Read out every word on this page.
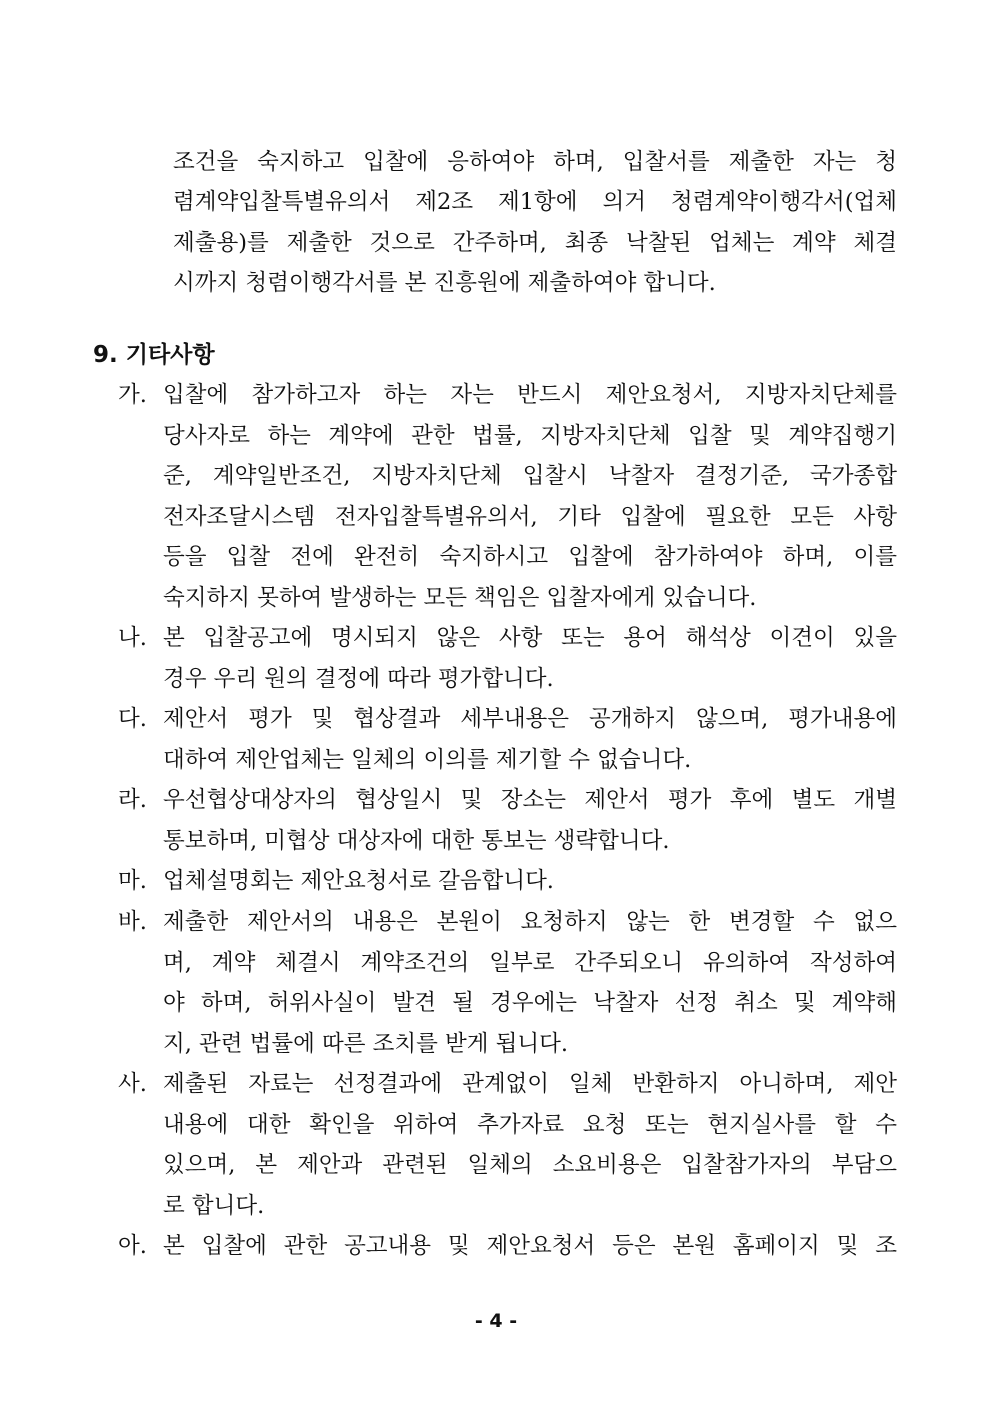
조건을 숙지하고 입찰에 응하여야 하며, 입찰서를 제출한 자는 청
렴계약입찰특별유의서 제2조 제1항에 의거 청렴계약이행각서(업체
제출용)를 제출한 것으로 간주하며, 최종 낙찰된 업체는 계약 체결
시까지 청렴이행각서를 본 진흥원에 제출하여야 합니다.
9. 기타사항
가. 입찰에 참가하고자 하는 자는 반드시 제안요청서, 지방자치단체를
당사자로 하는 계약에 관한 법률, 지방자치단체 입찰 및 계약집행기
준, 계약일반조건, 지방자치단체 입찰시 낙찰자 결정기준, 국가종합
전자조달시스템 전자입찰특별유의서, 기타 입찰에 필요한 모든 사항
등을 입찰 전에 완전히 숙지하시고 입찰에 참가하여야 하며, 이를
숙지하지 못하여 발생하는 모든 책임은 입찰자에게 있습니다.
나. 본 입찰공고에 명시되지 않은 사항 또는 용어 해석상 이견이 있을
경우 우리 원의 결정에 따라 평가합니다.
다. 제안서 평가 및 협상결과 세부내용은 공개하지 않으며, 평가내용에
대하여 제안업체는 일체의 이의를 제기할 수 없습니다.
라. 우선협상대상자의 협상일시 및 장소는 제안서 평가 후에 별도 개별
통보하며, 미협상 대상자에 대한 통보는 생략합니다.
마. 업체설명회는 제안요청서로 갈음합니다.
바. 제출한 제안서의 내용은 본원이 요청하지 않는 한 변경할 수 없으
며, 계약 체결시 계약조건의 일부로 간주되오니 유의하여 작성하여
야 하며, 허위사실이 발견 될 경우에는 낙찰자 선정 취소 및 계약해
지, 관련 법률에 따른 조치를 받게 됩니다.
사. 제출된 자료는 선정결과에 관계없이 일체 반환하지 아니하며, 제안
내용에 대한 확인을 위하여 추가자료 요청 또는 현지실사를 할 수
있으며, 본 제안과 관련된 일체의 소요비용은 입찰참가자의 부담으
로 합니다.
아. 본 입찰에 관한 공고내용 및 제안요청서 등은 본원 홈페이지 및 조
- 4 -
